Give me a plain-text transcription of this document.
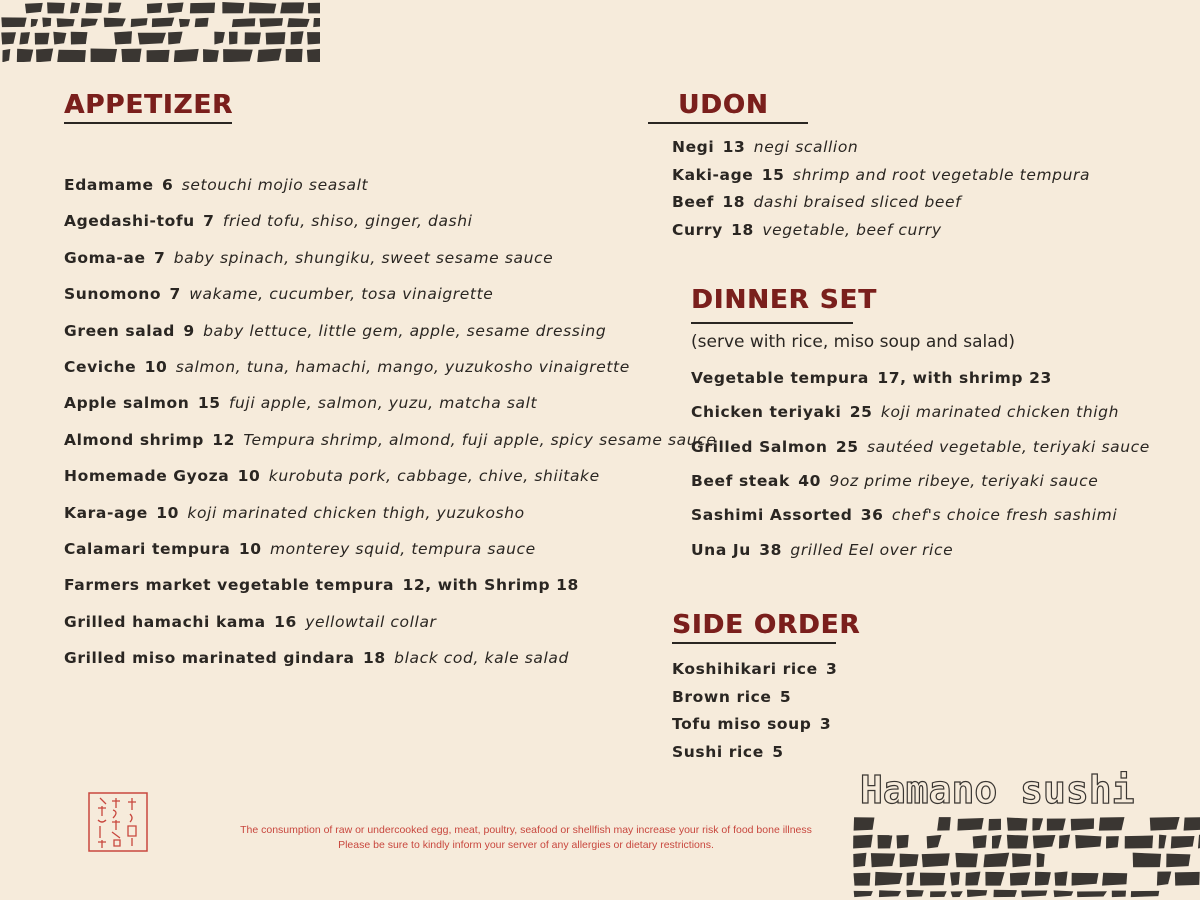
APPETIZER
Edamame  6  setouchi mojio seasalt
Agedashi-tofu  7  fried tofu, shiso, ginger, dashi
Goma-ae  7  baby spinach, shungiku, sweet sesame sauce
Sunomono  7  wakame, cucumber, tosa vinaigrette
Green salad  9  baby lettuce, little gem, apple, sesame dressing
Ceviche  10  salmon, tuna, hamachi, mango, yuzukosho vinaigrette
Apple salmon  15  fuji apple, salmon, yuzu, matcha salt
Almond shrimp  12  Tempura shrimp, almond, fuji apple, spicy sesame sauce
Homemade Gyoza  10  kurobuta pork, cabbage, chive, shiitake
Kara-age  10  koji marinated chicken thigh, yuzukosho
Calamari tempura  10  monterey squid, tempura sauce
Farmers market vegetable tempura  12, with Shrimp 18
Grilled hamachi kama  16  yellowtail collar
Grilled miso marinated gindara  18  black cod, kale salad
UDON
Negi  13  negi scallion
Kaki-age  15  shrimp and root vegetable tempura
Beef  18  dashi braised sliced beef
Curry  18  vegetable, beef curry
DINNER SET
(serve with rice, miso soup and salad)
Vegetable tempura  17, with shrimp 23
Chicken teriyaki  25  koji marinated chicken thigh
Grilled Salmon  25  sautéed vegetable, teriyaki sauce
Beef steak  40  9oz prime ribeye, teriyaki sauce
Sashimi Assorted  36  chef's choice fresh sashimi
Una Ju  38  grilled Eel over rice
SIDE ORDER
Koshihikari rice  3
Brown rice  5
Tofu miso soup  3
Sushi rice  5
Hamano sushi
The consumption of raw or undercooked egg, meat, poultry, seafood or shellfish may increase your risk of food bone illness
Please be sure to kindly inform your server of any allergies or dietary restrictions.
